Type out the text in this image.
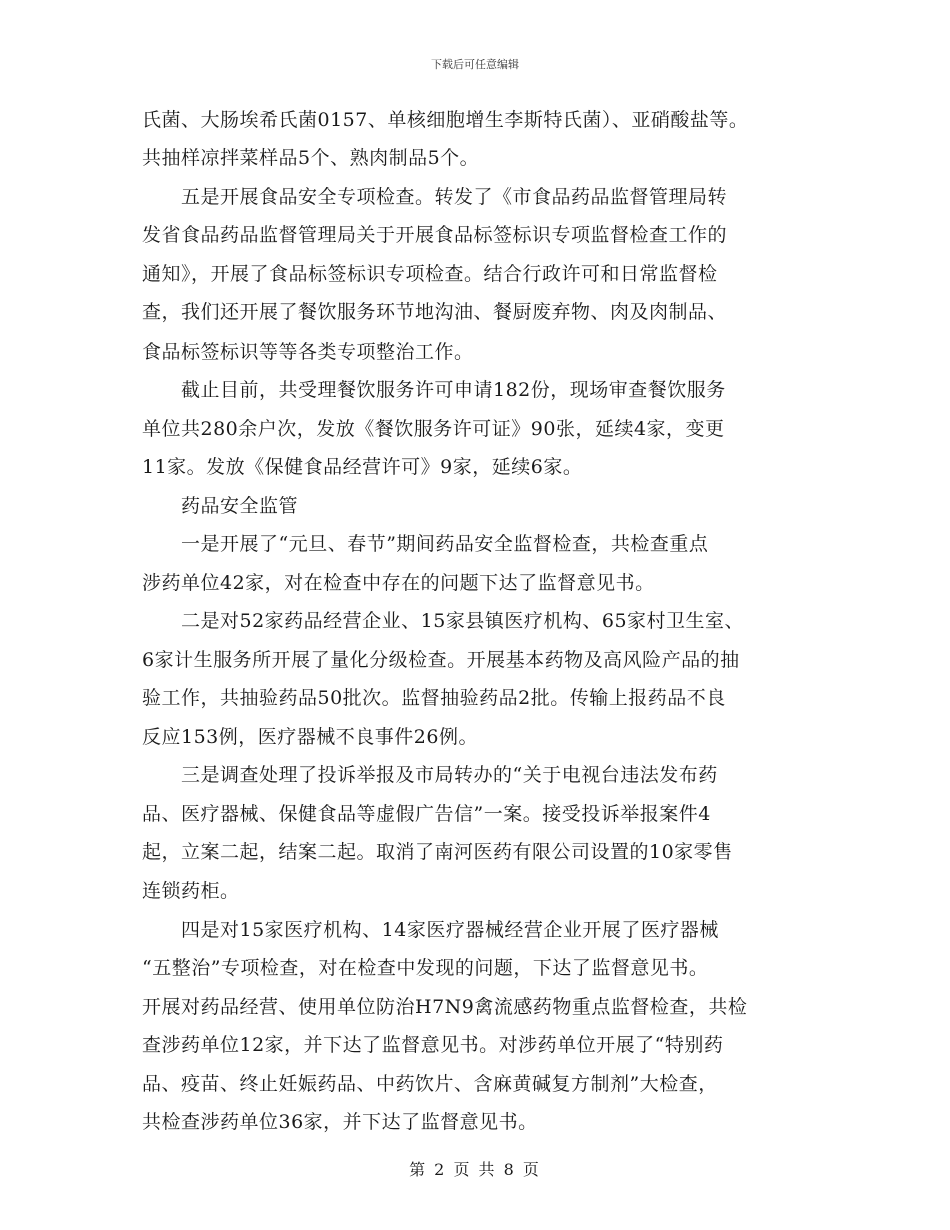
下载后可任意编辑
氏菌、大肠埃希氏菌0157、单核细胞增生李斯特氏菌）、亚硝酸盐等。
共抽样凉拌菜样品5个、熟肉制品5个。
　　五是开展食品安全专项检查。转发了《市食品药品监督管理局转
发省食品药品监督管理局关于开展食品标签标识专项监督检查工作的
通知》，开展了食品标签标识专项检查。结合行政许可和日常监督检
查，我们还开展了餐饮服务环节地沟油、餐厨废弃物、肉及肉制品、
食品标签标识等等各类专项整治工作。
　　截止目前，共受理餐饮服务许可申请182份，现场审查餐饮服务
单位共280余户次，发放《餐饮服务许可证》90张，延续4家，变更
11家。发放《保健食品经营许可》9家，延续6家。
　　药品安全监管
　　一是开展了“元旦、春节”期间药品安全监督检查，共检查重点
涉药单位42家，对在检查中存在的问题下达了监督意见书。
　　二是对52家药品经营企业、15家县镇医疗机构、65家村卫生室、
6家计生服务所开展了量化分级检查。开展基本药物及高风险产品的抽
验工作，共抽验药品50批次。监督抽验药品2批。传输上报药品不良
反应153例，医疗器械不良事件26例。
　　三是调查处理了投诉举报及市局转办的“关于电视台违法发布药
品、医疗器械、保健食品等虚假广告信”一案。接受投诉举报案件4
起，立案二起，结案二起。取消了南河医药有限公司设置的10家零售
连锁药柜。
　　四是对15家医疗机构、14家医疗器械经营企业开展了医疗器械
“五整治”专项检查，对在检查中发现的问题，下达了监督意见书。
开展对药品经营、使用单位防治H7N9禽流感药物重点监督检查，共检
查涉药单位12家，并下达了监督意见书。对涉药单位开展了“特别药
品、疫苗、终止妊娠药品、中药饮片、含麻黄碱复方制剂”大检查，
共检查涉药单位36家，并下达了监督意见书。
第 2 页 共 8 页
